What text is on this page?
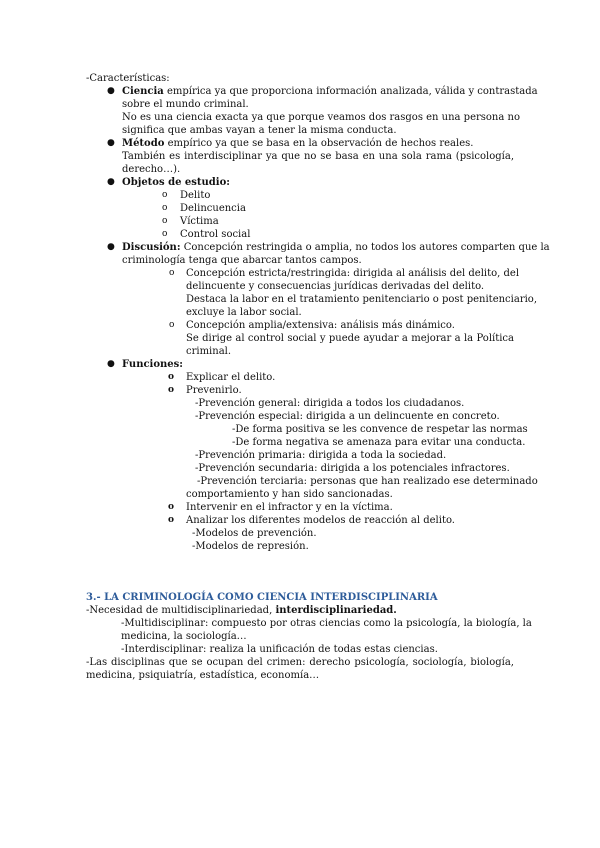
-Características:
● Ciencia empírica ya que proporciona información analizada, válida y contrastada
sobre el mundo criminal.
No es una ciencia exacta ya que porque veamos dos rasgos en una persona no
significa que ambas vayan a tener la misma conducta.
● Método empírico ya que se basa en la observación de hechos reales.
También es interdisciplinar ya que no se basa en una sola rama (psicología,
derecho…).
● Objetos de estudio:
o Delito
o Delincuencia
o Víctima
o Control social
● Discusión: Concepción restringida o amplia, no todos los autores comparten que la
criminología tenga que abarcar tantos campos.
o Concepción estricta/restringida: dirigida al análisis del delito, del
delincuente y consecuencias jurídicas derivadas del delito.
Destaca la labor en el tratamiento penitenciario o post penitenciario,
excluye la labor social.
o Concepción amplia/extensiva: análisis más dinámico.
Se dirige al control social y puede ayudar a mejorar a la Política
criminal.
● Funciones:
o Explicar el delito.
o Prevenirlo.
-Prevención general: dirigida a todos los ciudadanos.
-Prevención especial: dirigida a un delincuente en concreto.
-De forma positiva se les convence de respetar las normas
-De forma negativa se amenaza para evitar una conducta.
-Prevención primaria: dirigida a toda la sociedad.
-Prevención secundaria: dirigida a los potenciales infractores.
-Prevención terciaria: personas que han realizado ese determinado
comportamiento y han sido sancionadas.
o Intervenir en el infractor y en la víctima.
o Analizar los diferentes modelos de reacción al delito.
-Modelos de prevención.
-Modelos de represión.
3.- LA CRIMINOLOGÍA COMO CIENCIA INTERDISCIPLINARIA
-Necesidad de multidisciplinariedad, interdisciplinariedad.
-Multidisciplinar: compuesto por otras ciencias como la psicología, la biología, la
medicina, la sociología…
-Interdisciplinar: realiza la unificación de todas estas ciencias.
-Las disciplinas que se ocupan del crimen: derecho psicología, sociología, biología,
medicina, psiquiatría, estadística, economía…
